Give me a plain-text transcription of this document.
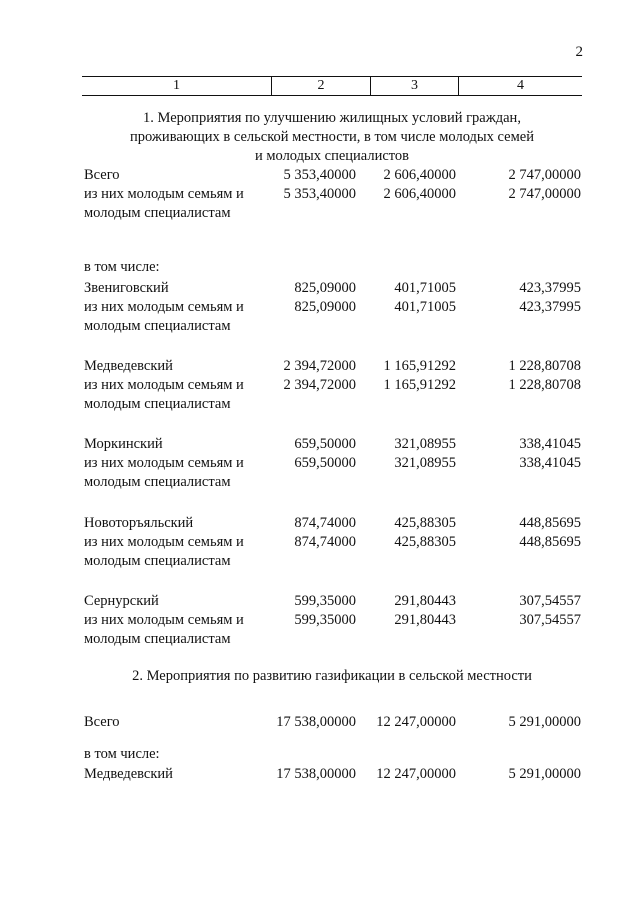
2
1	2	3	4
1. Мероприятия по улучшению жилищных условий граждан,
проживающих в сельской местности, в том числе молодых семей
и молодых специалистов
Всего	5 353,40000 2 606,40000	2 747,00000
из них молодым семьям и	5 353,40000 2 606,40000	2 747,00000
молодым специалистам
в том числе:
Звениговский	825,09000	401,71005	423,37995
из них молодым семьям и	825,09000	401,71005	423,37995
молодым специалистам
Медведевский	2 394,72000 1 165,91292	1 228,80708
из них молодым семьям и	2 394,72000 1 165,91292	1 228,80708
молодым специалистам
Моркинский	659,50000	321,08955	338,41045
из них молодым семьям и	659,50000	321,08955	338,41045
молодым специалистам
Новоторъяльский	874,74000	425,88305	448,85695
из них молодым семьям и	874,74000	425,88305	448,85695
молодым специалистам
Сернурский	599,35000	291,80443	307,54557
из них молодым семьям и	599,35000	291,80443	307,54557
молодым специалистам
2. Мероприятия по развитию газификации в сельской местности
Всего	17 538,00000 12 247,00000	5 291,00000
в том числе:
Медведевский	17 538,00000 12 247,00000	5 291,00000
